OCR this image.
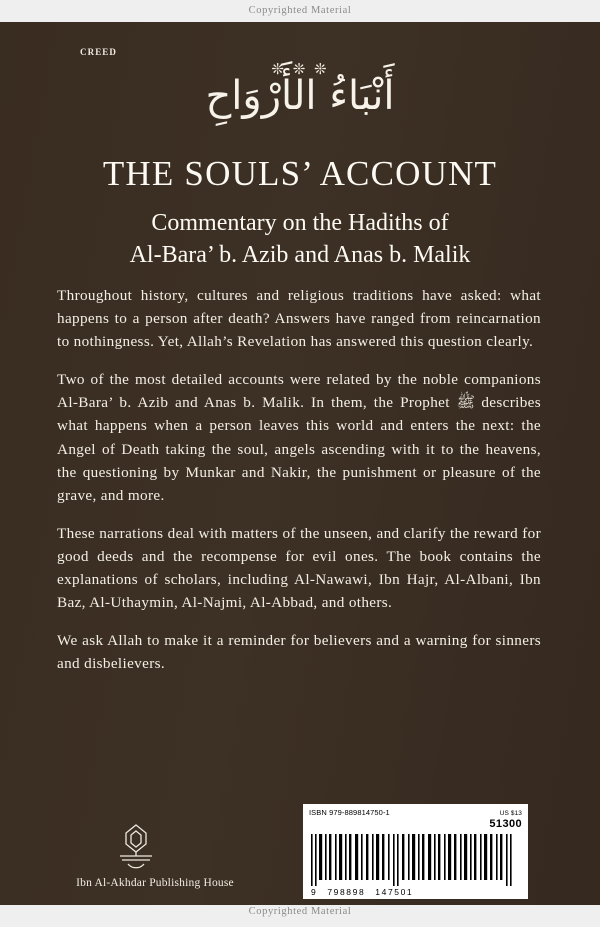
Copyrighted Material
CREED
❊ ❊ ❊
أَنْبَاءُ الأَرْوَاحِ
THE SOULS’ ACCOUNT
Commentary on the Hadiths of
Al-Bara’ b. Azib and Anas b. Malik

Throughout history, cultures and religious traditions have asked: what happens to a person after death? Answers have ranged from reincarnation to nothingness. Yet, Allah’s Revelation has answered this question clearly.

Two of the most detailed accounts were related by the noble companions Al-Bara’ b. Azib and Anas b. Malik. In them, the Prophet ﷺ describes what happens when a person leaves this world and enters the next: the Angel of Death taking the soul, angels ascending with it to the heavens, the questioning by Munkar and Nakir, the punishment or pleasure of the grave, and more.

These narrations deal with matters of the unseen, and clarify the reward for good deeds and the recompense for evil ones. The book contains the explanations of scholars, including Al-Nawawi, Ibn Hajr, Al-Albani, Ibn Baz, Al-Uthaymin, Al-Najmi, Al-Abbad, and others.

We ask Allah to make it a reminder for believers and a warning for sinners and disbelievers.

Ibn Al-Akhdar Publishing House
ISBN 979-889814750-1	US $13
51300
9 798898 147501
Copyrighted Material
